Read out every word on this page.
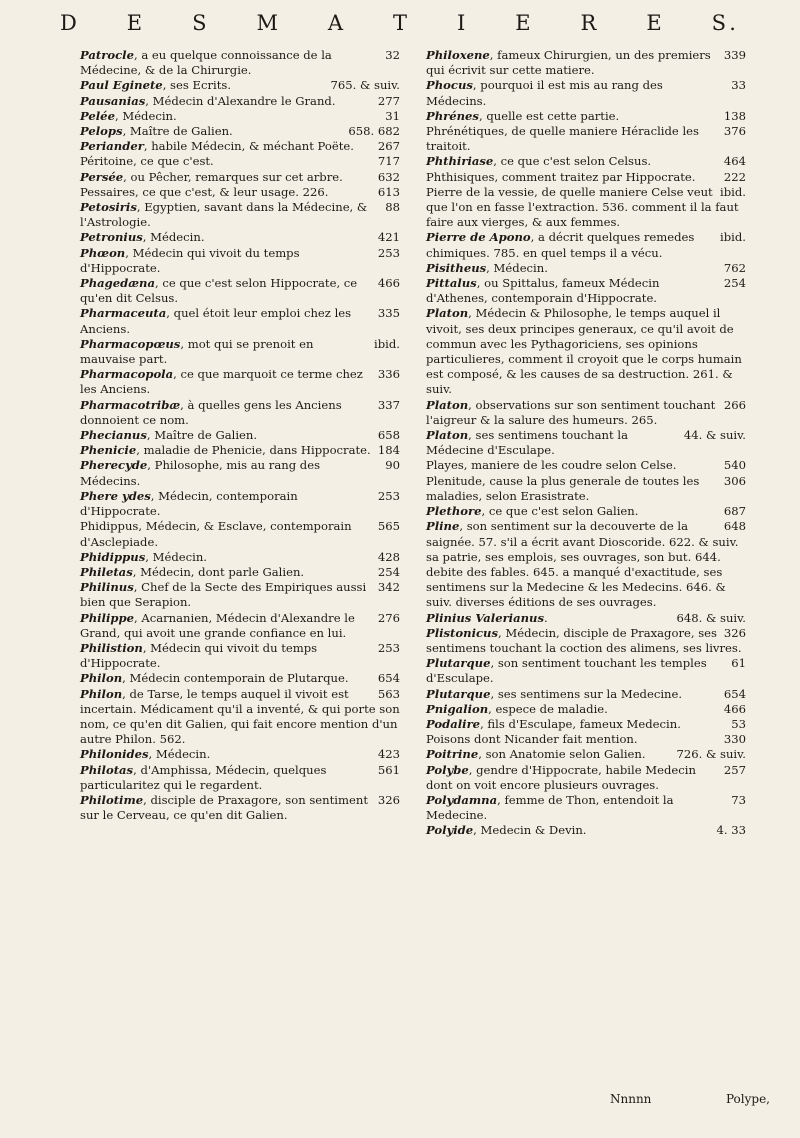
D E S M A T I E R E S.
32
Patrocle, a eu quelque connoissance de la Médecine, & de la Chirurgie.
765. & suiv.
Paul Eginete, ses Ecrits.
277
Pausanias, Médecin d'Alexandre le Grand.
31
Pelée, Médecin.
658. 682
Pelops, Maître de Galien.
267
Periander, habile Médecin, & méchant Poëte.
717
Péritoine, ce que c'est.
632
Persée, ou Pêcher, remarques sur cet arbre.
613
Pessaires, ce que c'est, & leur usage. 226.
88
Petosiris, Egyptien, savant dans la Médecine, & l'Astrologie.
421
Petronius, Médecin.
253
Phœon, Médecin qui vivoit du temps d'Hippocrate.
466
Phagedæna, ce que c'est selon Hippocrate, ce qu'en dit Celsus.
335
Pharmaceuta, quel étoit leur emploi chez les Anciens.
ibid.
Pharmacopœus, mot qui se prenoit en mauvaise part.
336
Pharmacopola, ce que marquoit ce terme chez les Anciens.
337
Pharmacotribæ, à quelles gens les Anciens donnoient ce nom.
658
Phecianus, Maître de Galien.
184
Phenicie, maladie de Phenicie, dans Hippocrate.
90
Pherecyde, Philosophe, mis au rang des Médecins.
253
Phere ydes, Médecin, contemporain d'Hippocrate.
565
Phidippus, Médecin, & Esclave, contemporain d'Asclepiade.
428
Phidippus, Médecin.
254
Philetas, Médecin, dont parle Galien.
342
Philinus, Chef de la Secte des Empiriques aussi bien que Serapion.
276
Philippe, Acarnanien, Médecin d'Alexandre le Grand, qui avoit une grande confiance en lui.
253
Philistion, Médecin qui vivoit du temps d'Hippocrate.
654
Philon, Médecin contemporain de Plutarque.
563
Philon, de Tarse, le temps auquel il vivoit est incertain. Médicament qu'il a inventé, & qui porte son nom, ce qu'en dit Galien, qui fait encore mention d'un autre Philon. 562.
423
Philonides, Médecin.
561
Philotas, d'Amphissa, Médecin, quelques particularitez qui le regardent.
326
Philotime, disciple de Praxagore, son sentiment sur le Cerveau, ce qu'en dit Galien.
339
Philoxene, fameux Chirurgien, un des premiers qui écrivit sur cette matiere.
33
Phocus, pourquoi il est mis au rang des Médecins.
138
Phrénes, quelle est cette partie.
376
Phrénétiques, de quelle maniere Héraclide les traitoit.
464
Phthiriase, ce que c'est selon Celsus.
222
Phthisiques, comment traitez par Hippocrate.
ibid.
Pierre de la vessie, de quelle maniere Celse veut que l'on en fasse l'extraction. 536. comment il la faut faire aux vierges, & aux femmes.
ibid.
Pierre de Apono, a décrit quelques remedes chimiques. 785. en quel temps il a vécu.
762
Pisitheus, Médecin.
254
Pittalus, ou Spittalus, fameux Médecin d'Athenes, contemporain d'Hippocrate.
Platon, Médecin & Philosophe, le temps auquel il vivoit, ses deux principes generaux, ce qu'il avoit de commun avec les Pythagoriciens, ses opinions particulieres, comment il croyoit que le corps humain est composé, & les causes de sa destruction. 261. & suiv.
266
Platon, observations sur son sentiment touchant l'aigreur & la salure des humeurs. 265.
44. & suiv.
Platon, ses sentimens touchant la Médecine d'Esculape.
540
Playes, maniere de les coudre selon Celse.
306
Plenitude, cause la plus generale de toutes les maladies, selon Erasistrate.
687
Plethore, ce que c'est selon Galien.
648
Pline, son sentiment sur la decouverte de la saignée. 57. s'il a écrit avant Dioscoride. 622. & suiv. sa patrie, ses emplois, ses ouvrages, son but. 644. debite des fables. 645. a manqué d'exactitude, ses sentimens sur la Medecine & les Medecins. 646. & suiv. diverses éditions de ses ouvrages.
648. & suiv.
Plinius Valerianus.
326
Plistonicus, Médecin, disciple de Praxagore, ses sentimens touchant la coction des alimens, ses livres.
61
Plutarque, son sentiment touchant les temples d'Esculape.
654
Plutarque, ses sentimens sur la Medecine.
466
Pnigalion, espece de maladie.
53
Podalire, fils d'Esculape, fameux Medecin.
330
Poisons dont Nicander fait mention.
726. & suiv.
Poitrine, son Anatomie selon Galien.
257
Polybe, gendre d'Hippocrate, habile Medecin dont on voit encore plusieurs ouvrages.
73
Polydamna, femme de Thon, entendoit la Medecine.
4. 33
Polyide, Medecin & Devin.
Nnnnn	Polype,
